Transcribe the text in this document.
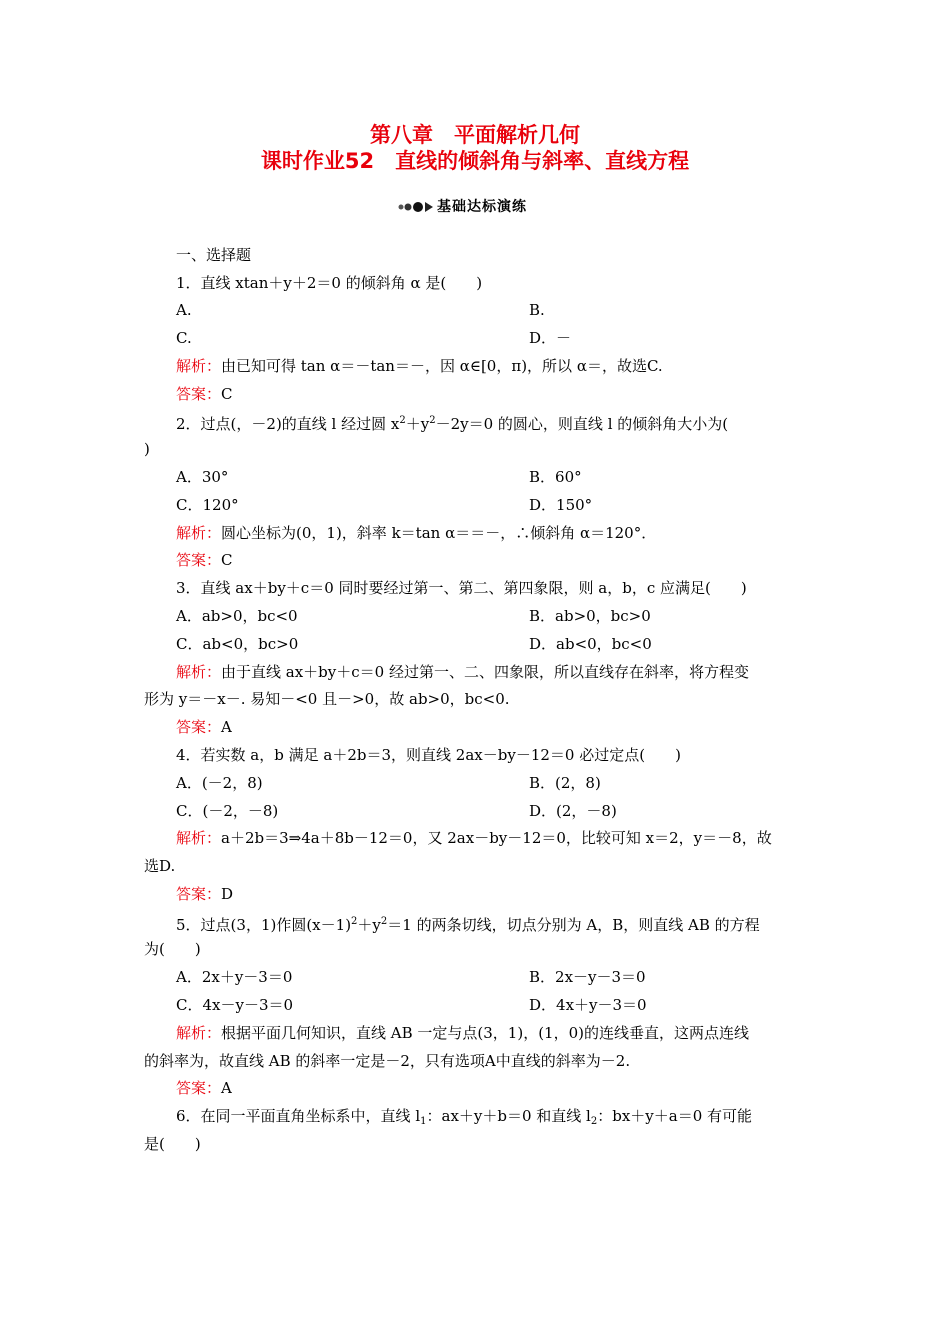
第八章　平面解析几何
课时作业52　直线的倾斜角与斜率、直线方程
基础达标演练
一、选择题
1．直线 xtan＋y＋2＝0 的倾斜角 α 是(　　)
A.	B.
C.	D．－
解析：由已知可得 tan α＝－tan＝－，因 α∈[0，π)，所以 α＝，故选C.
答案：C
2．过点(，－2)的直线 l 经过圆 $x^2+y^2-2y=0$ 的圆心，则直线 l 的倾斜角大小为(
)
A．30°	B．60°
C．120°	D．150°
解析：圆心坐标为(0，1)，斜率 k＝tan α＝＝－，∴倾斜角 α＝120°．
答案：C
3．直线 ax＋by＋c＝0 同时要经过第一、第二、第四象限，则 a，b，c 应满足(　　)
A．ab>0，bc<0	B．ab>0，bc>0
C．ab<0，bc>0	D．ab<0，bc<0
解析：由于直线 ax＋by＋c＝0 经过第一、二、四象限，所以直线存在斜率，将方程变
形为 y＝－x－. 易知－<0 且－>0，故 ab>0，bc<0.
答案：A
4．若实数 a，b 满足 a＋2b＝3，则直线 2ax－by－12＝0 必过定点(　　)
A．(－2，8)	B．(2，8)
C．(－2，－8)	D．(2，－8)
解析：a＋2b＝3⇒4a＋8b－12＝0，又 2ax－by－12＝0，比较可知 x＝2，y＝－8，故
选D.
答案：D
5．过点(3，1)作圆$(x-1)^2+y^2=1$ 的两条切线，切点分别为 A，B，则直线 AB 的方程
为(　　)
A．2x＋y－3＝0	B．2x－y－3＝0
C．4x－y－3＝0	D．4x＋y－3＝0
解析：根据平面几何知识，直线 AB 一定与点(3，1)，(1，0)的连线垂直，这两点连线
的斜率为，故直线 AB 的斜率一定是－2，只有选项A中直线的斜率为－2.
答案：A
6．在同一平面直角坐标系中，直线 $l_1$：ax＋y＋b＝0 和直线 $l_2$：bx＋y＋a＝0 有可能
是(　　)
